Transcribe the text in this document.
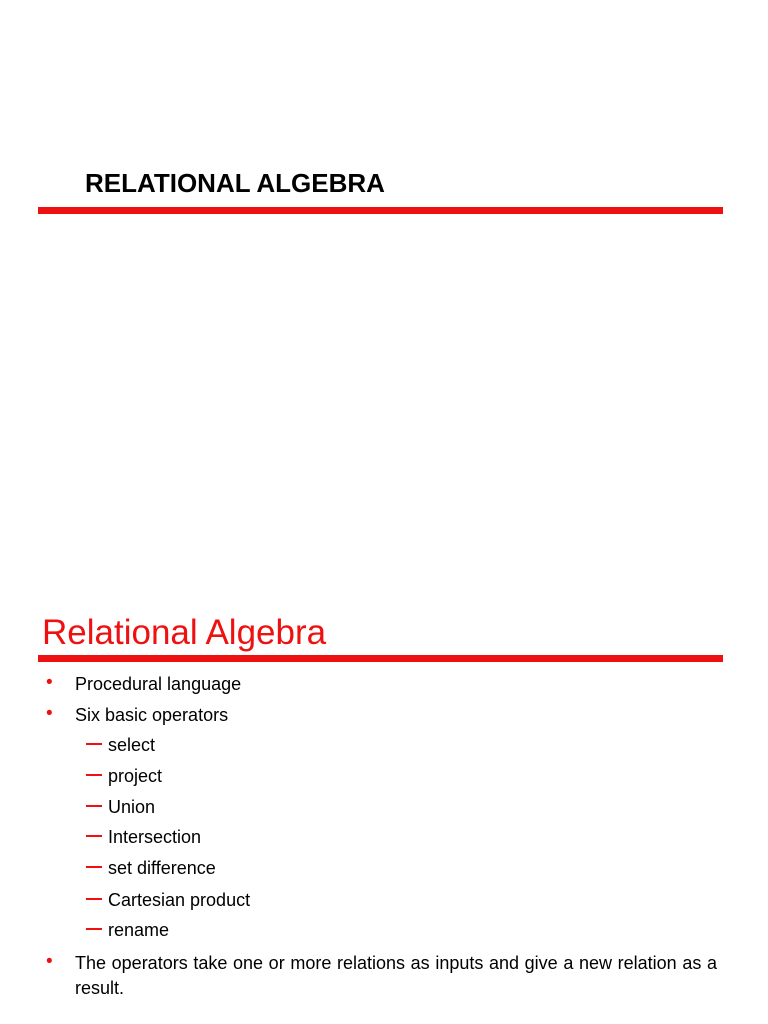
RELATIONAL ALGEBRA
Relational Algebra
• Procedural language
• Six basic operators
select
project
Union
Intersection
set difference
Cartesian product
rename
• The operators take one or more relations as inputs and give a new relation as a result.
